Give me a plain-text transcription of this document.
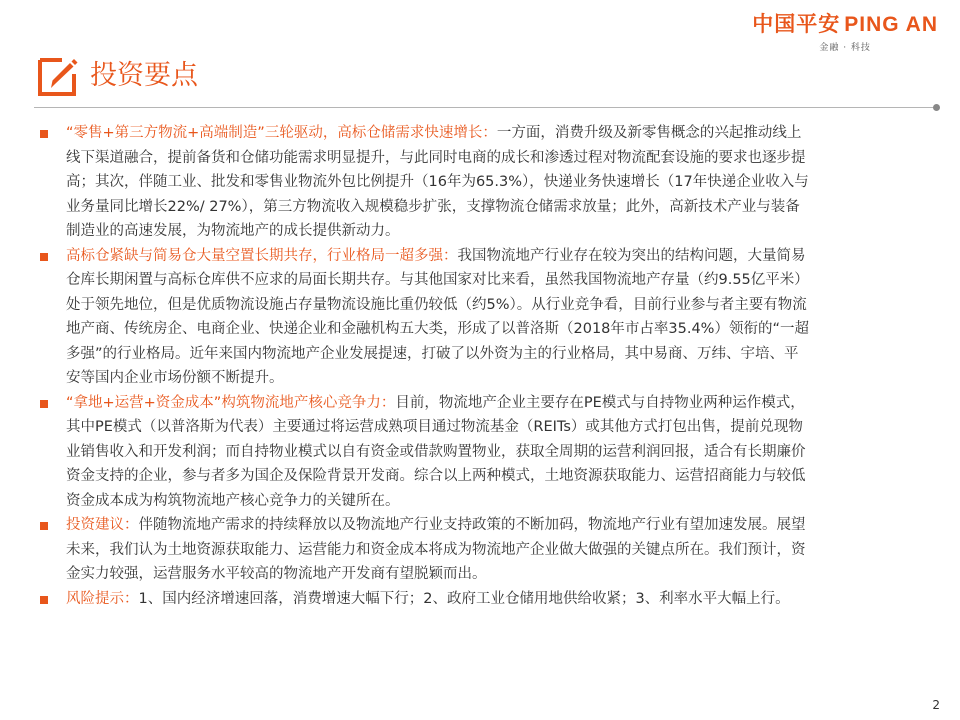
中国平安 PING AN
金融 · 科技
投资要点
“零售+第三方物流+高端制造”三轮驱动，高标仓储需求快速增长：一方面，消费升级及新零售概念的兴起推动线上线下渠道融合，提前备货和仓储功能需求明显提升，与此同时电商的成长和渗透过程对物流配套设施的要求也逐步提高；其次，伴随工业、批发和零售业物流外包比例提升（16年为65.3%），快递业务快速增长（17年快递企业收入与业务量同比增长22%/ 27%），第三方物流收入规模稳步扩张，支撑物流仓储需求放量；此外，高新技术产业与装备制造业的高速发展，为物流地产的成长提供新动力。
高标仓紧缺与简易仓大量空置长期共存，行业格局一超多强：我国物流地产行业存在较为突出的结构问题，大量简易仓库长期闲置与高标仓库供不应求的局面长期共存。与其他国家对比来看，虽然我国物流地产存量（约9.55亿平米）处于领先地位，但是优质物流设施占存量物流设施比重仍较低（约5%）。从行业竞争看，目前行业参与者主要有物流地产商、传统房企、电商企业、快递企业和金融机构五大类，形成了以普洛斯（2018年市占率35.4%）领衔的“一超多强”的行业格局。近年来国内物流地产企业发展提速，打破了以外资为主的行业格局，其中易商、万纬、宇培、平安等国内企业市场份额不断提升。
“拿地+运营+资金成本”构筑物流地产核心竞争力：目前，物流地产企业主要存在PE模式与自持物业两种运作模式，其中PE模式（以普洛斯为代表）主要通过将运营成熟项目通过物流基金（REITs）或其他方式打包出售，提前兑现物业销售收入和开发利润；而自持物业模式以自有资金或借款购置物业，获取全周期的运营利润回报，适合有长期廉价资金支持的企业，参与者多为国企及保险背景开发商。综合以上两种模式，土地资源获取能力、运营招商能力与较低资金成本成为构筑物流地产核心竞争力的关键所在。
投资建议：伴随物流地产需求的持续释放以及物流地产行业支持政策的不断加码，物流地产行业有望加速发展。展望未来，我们认为土地资源获取能力、运营能力和资金成本将成为物流地产企业做大做强的关键点所在。我们预计，资金实力较强，运营服务水平较高的物流地产开发商有望脱颖而出。
风险提示：1、国内经济增速回落，消费增速大幅下行；2、政府工业仓储用地供给收紧；3、利率水平大幅上行。
2
